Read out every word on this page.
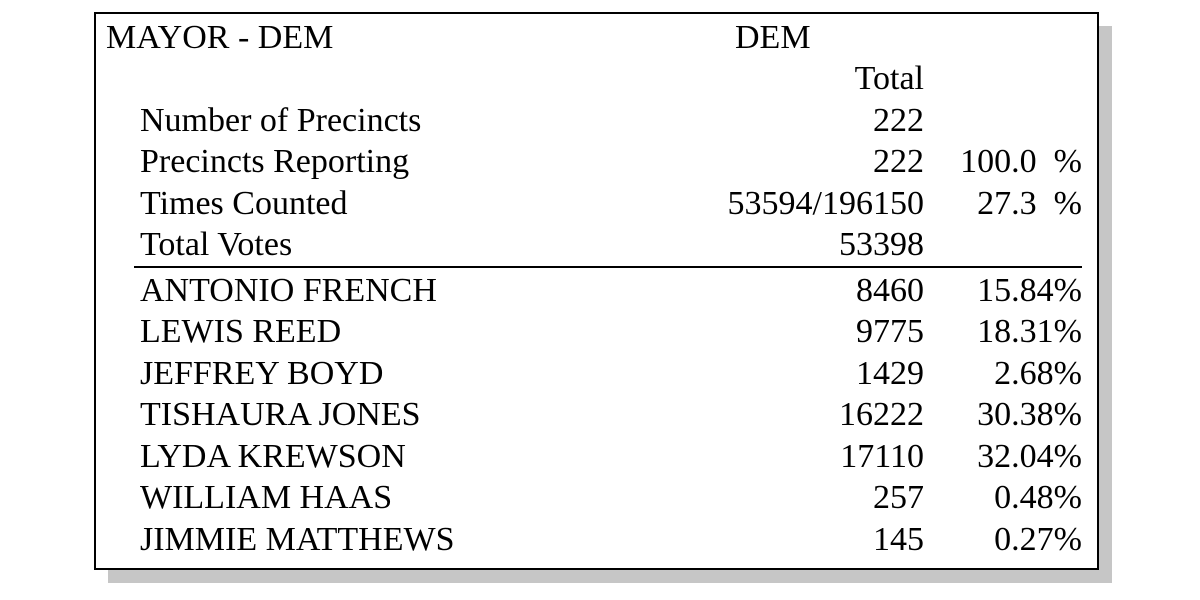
MAYOR - DEM	DEM
Total
Number of Precincts	222
Precincts Reporting	222 100.0  %
Times Counted	53594/196150 27.3  %
Total Votes	53398
ANTONIO FRENCH	8460 15.84%
LEWIS REED	9775 18.31%
JEFFREY BOYD	1429 2.68%
TISHAURA JONES	16222 30.38%
LYDA KREWSON	17110 32.04%
WILLIAM HAAS	257 0.48%
JIMMIE MATTHEWS	145 0.27%
